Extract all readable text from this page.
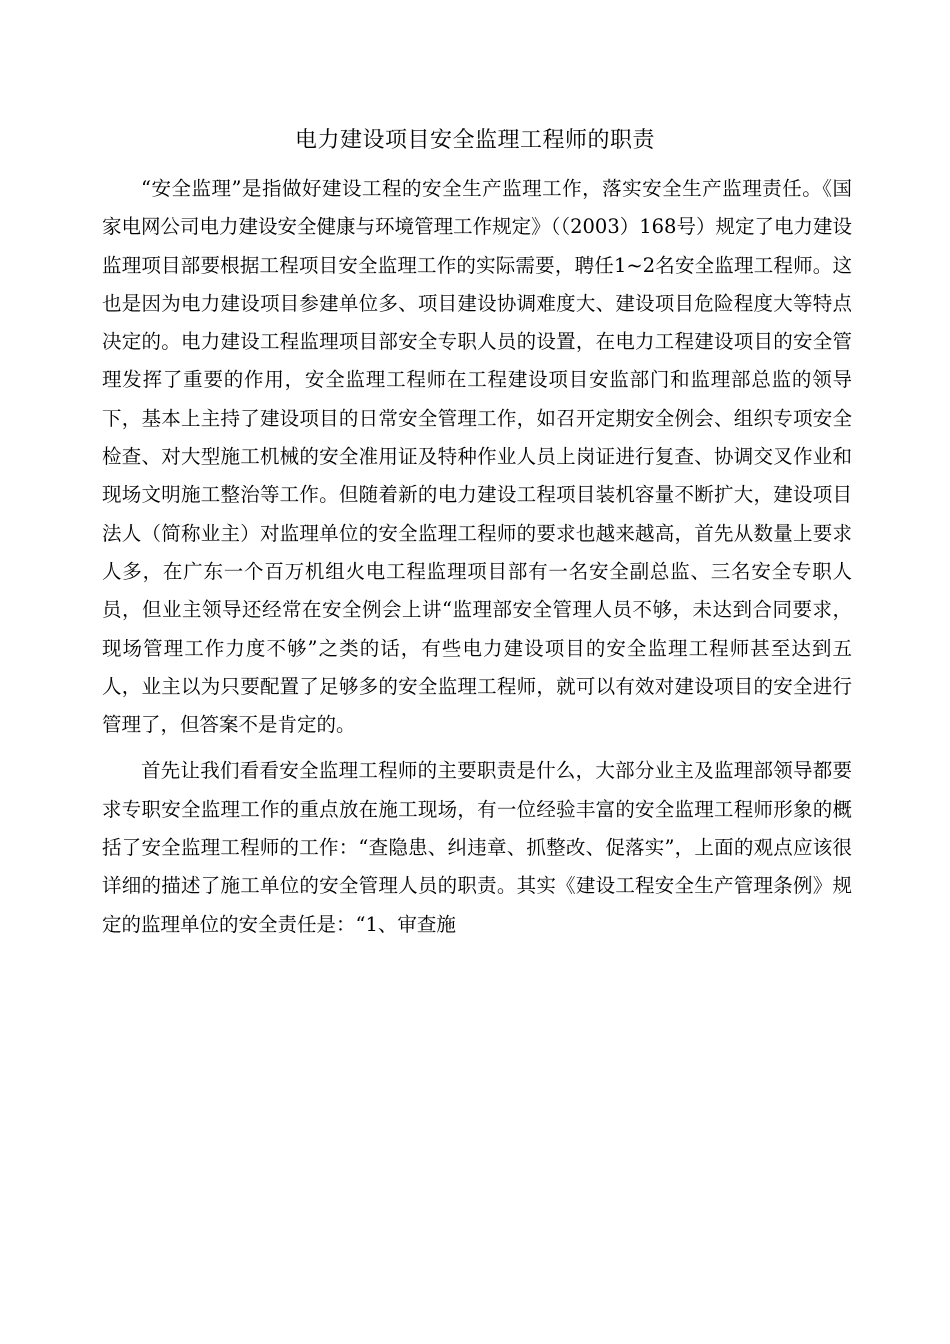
电力建设项目安全监理工程师的职责

“安全监理”是指做好建设工程的安全生产监理工作，落实安全生产监理责任。《国家电网公司电力建设安全健康与环境管理工作规定》（（2003）168号）规定了电力建设监理项目部要根据工程项目安全监理工作的实际需要，聘任1~2名安全监理工程师。这也是因为电力建设项目参建单位多、项目建设协调难度大、建设项目危险程度大等特点决定的。电力建设工程监理项目部安全专职人员的设置，在电力工程建设项目的安全管理发挥了重要的作用，安全监理工程师在工程建设项目安监部门和监理部总监的领导下，基本上主持了建设项目的日常安全管理工作，如召开定期安全例会、组织专项安全检查、对大型施工机械的安全准用证及特种作业人员上岗证进行复查、协调交叉作业和现场文明施工整治等工作。但随着新的电力建设工程项目装机容量不断扩大，建设项目法人（简称业主）对监理单位的安全监理工程师的要求也越来越高，首先从数量上要求人多，在广东一个百万机组火电工程监理项目部有一名安全副总监、三名安全专职人员，但业主领导还经常在安全例会上讲“监理部安全管理人员不够，未达到合同要求，现场管理工作力度不够”之类的话，有些电力建设项目的安全监理工程师甚至达到五人，业主以为只要配置了足够多的安全监理工程师，就可以有效对建设项目的安全进行管理了，但答案不是肯定的。

首先让我们看看安全监理工程师的主要职责是什么，大部分业主及监理部领导都要求专职安全监理工作的重点放在施工现场，有一位经验丰富的安全监理工程师形象的概括了安全监理工程师的工作：“查隐患、纠违章、抓整改、促落实”，上面的观点应该很详细的描述了施工单位的安全管理人员的职责。其实《建设工程安全生产管理条例》规定的监理单位的安全责任是：“1、审查施
